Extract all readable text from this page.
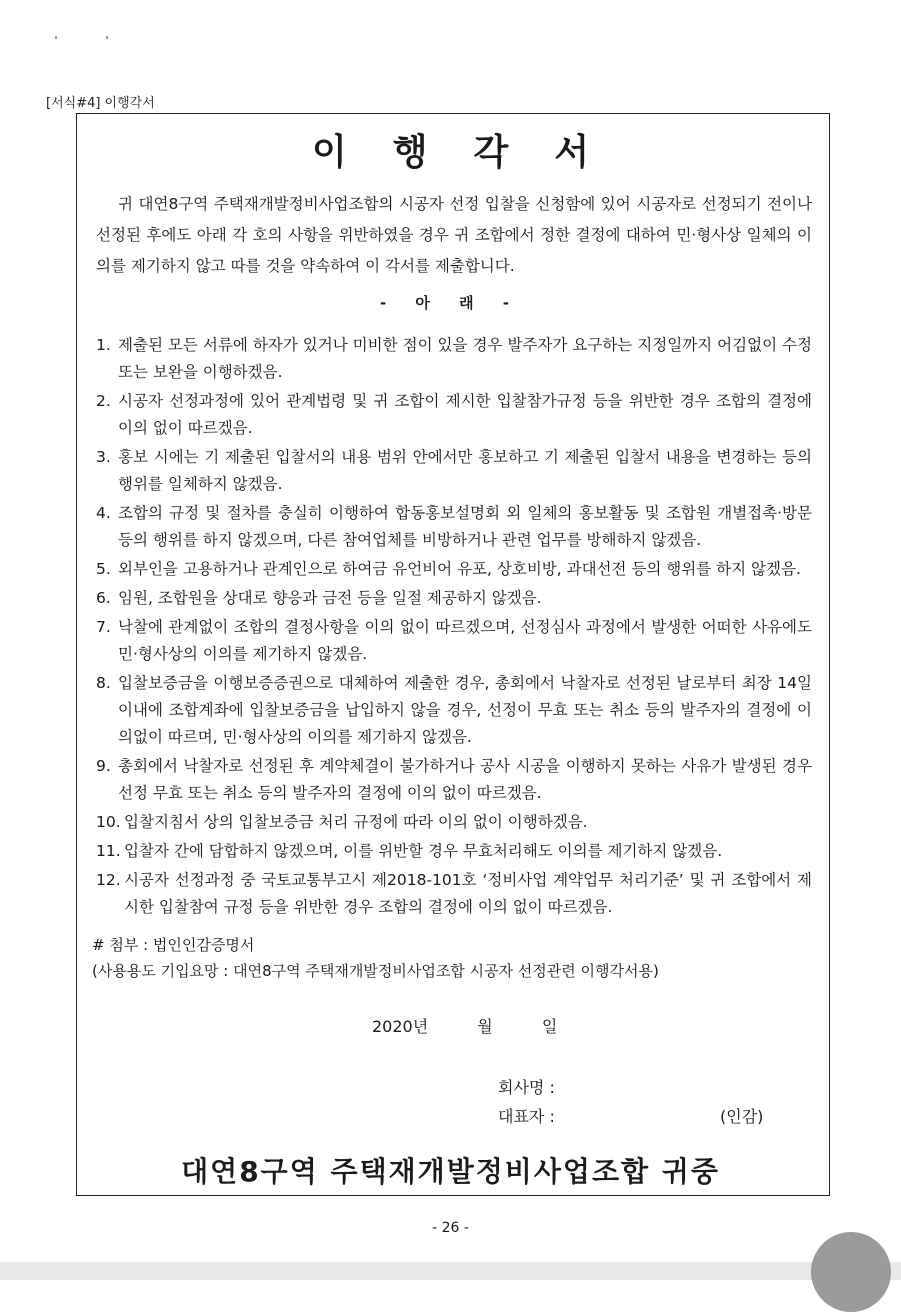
[서식#4] 이행각서
이행각서
귀 대연8구역 주택재개발정비사업조합의 시공자 선정 입찰을 신청함에 있어 시공자로 선정되기 전이나 선정된 후에도 아래 각 호의 사항을 위반하였을 경우 귀 조합에서 정한 결정에 대하여 민·형사상 일체의 이의를 제기하지 않고 따를 것을 약속하여 이 각서를 제출합니다.
- 아 래 -
1. 제출된 모든 서류에 하자가 있거나 미비한 점이 있을 경우 발주자가 요구하는 지정일까지 어김없이 수정 또는 보완을 이행하겠음.
2. 시공자 선정과정에 있어 관계법령 및 귀 조합이 제시한 입찰참가규정 등을 위반한 경우 조합의 결정에 이의 없이 따르겠음.
3. 홍보 시에는 기 제출된 입찰서의 내용 범위 안에서만 홍보하고 기 제출된 입찰서 내용을 변경하는 등의 행위를 일체하지 않겠음.
4. 조합의 규정 및 절차를 충실히 이행하여 합동홍보설명회 외 일체의 홍보활동 및 조합원 개별접촉·방문 등의 행위를 하지 않겠으며, 다른 참여업체를 비방하거나 관련 업무를 방해하지 않겠음.
5. 외부인을 고용하거나 관계인으로 하여금 유언비어 유포, 상호비방, 과대선전 등의 행위를 하지 않겠음.
6. 임원, 조합원을 상대로 향응과 금전 등을 일절 제공하지 않겠음.
7. 낙찰에 관계없이 조합의 결정사항을 이의 없이 따르겠으며, 선정심사 과정에서 발생한 어떠한 사유에도 민·형사상의 이의를 제기하지 않겠음.
8. 입찰보증금을 이행보증증권으로 대체하여 제출한 경우, 총회에서 낙찰자로 선정된 날로부터 최장 14일 이내에 조합계좌에 입찰보증금을 납입하지 않을 경우, 선정이 무효 또는 취소 등의 발주자의 결정에 이의없이 따르며, 민·형사상의 이의를 제기하지 않겠음.
9. 총회에서 낙찰자로 선정된 후 계약체결이 불가하거나 공사 시공을 이행하지 못하는 사유가 발생된 경우 선정 무효 또는 취소 등의 발주자의 결정에 이의 없이 따르겠음.
10. 입찰지침서 상의 입찰보증금 처리 규정에 따라 이의 없이 이행하겠음.
11. 입찰자 간에 담합하지 않겠으며, 이를 위반할 경우 무효처리해도 이의를 제기하지 않겠음.
12. 시공자 선정과정 중 국토교통부고시 제2018-101호 ‘정비사업 계약업무 처리기준’ 및 귀 조합에서 제시한 입찰참여 규정 등을 위반한 경우 조합의 결정에 이의 없이 따르겠음.
# 첨부 : 법인인감증명서
(사용용도 기입요망 : 대연8구역 주택재개발정비사업조합 시공자 선정관련 이행각서용)
2020년	월	일
회사명 :
대표자 :	(인감)
대연8구역 주택재개발정비사업조합 귀중
- 26 -
